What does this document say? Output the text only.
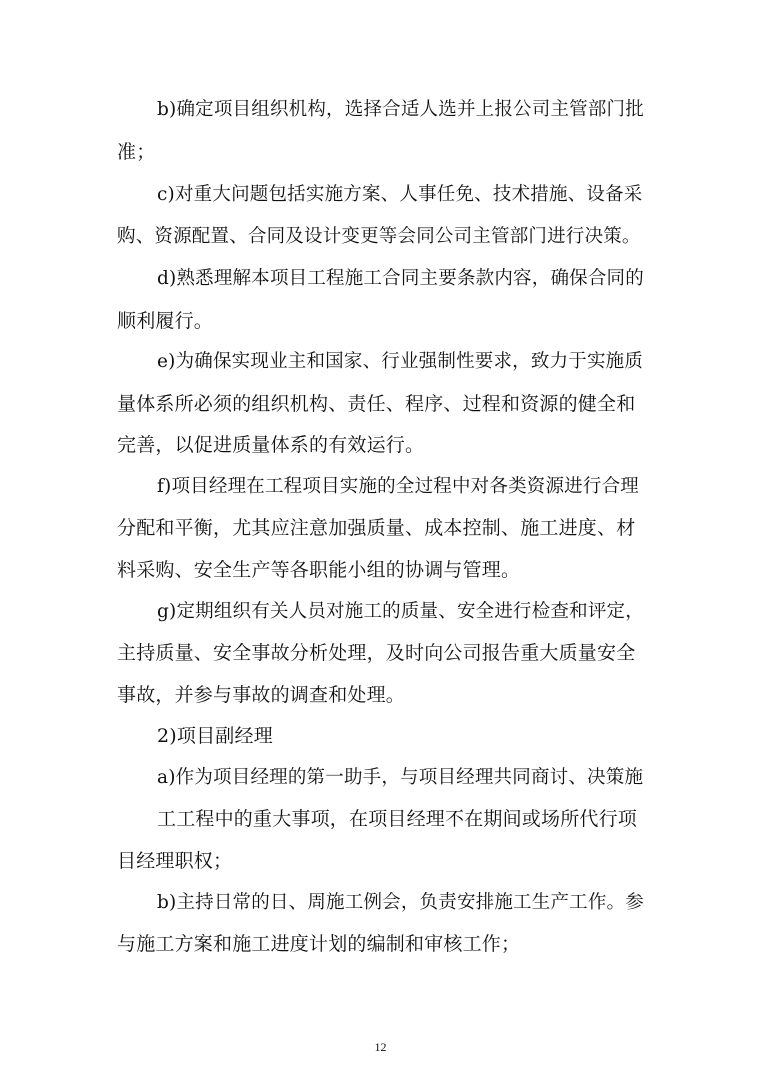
b)确定项目组织机构，选择合适人选并上报公司主管部门批
准；
c)对重大问题包括实施方案、人事任免、技术措施、设备采
购、资源配置、合同及设计变更等会同公司主管部门进行决策。
d)熟悉理解本项目工程施工合同主要条款内容，确保合同的
顺利履行。
e)为确保实现业主和国家、行业强制性要求，致力于实施质
量体系所必须的组织机构、责任、程序、过程和资源的健全和
完善，以促进质量体系的有效运行。
f)项目经理在工程项目实施的全过程中对各类资源进行合理
分配和平衡，尤其应注意加强质量、成本控制、施工进度、材
料采购、安全生产等各职能小组的协调与管理。
g)定期组织有关人员对施工的质量、安全进行检查和评定，
主持质量、安全事故分析处理，及时向公司报告重大质量安全
事故，并参与事故的调查和处理。
2)项目副经理
a)作为项目经理的第一助手，与项目经理共同商讨、决策施
工工程中的重大事项，在项目经理不在期间或场所代行项
目经理职权；
b)主持日常的日、周施工例会，负责安排施工生产工作。参
与施工方案和施工进度计划的编制和审核工作；
12
